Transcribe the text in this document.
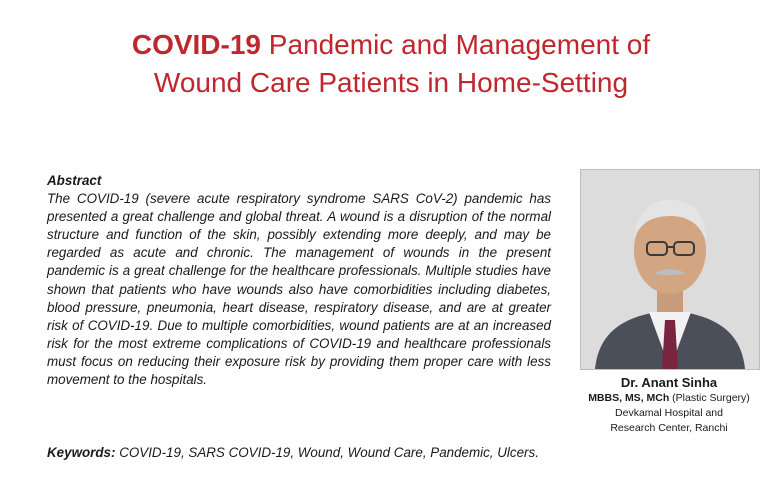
COVID-19 Pandemic and Management of
Wound Care Patients in Home-Setting
Abstract
The COVID-19 (severe acute respiratory syndrome SARS CoV-2) pandemic has presented a great challenge and global threat. A wound is a disruption of the normal structure and function of the skin, possibly extending more deeply, and may be regarded as acute and chronic. The management of wounds in the present pandemic is a great challenge for the healthcare professionals. Multiple studies have shown that patients who have wounds also have comorbidities including diabetes, blood pressure, pneumonia, heart disease, respiratory disease, and are at greater risk of COVID-19. Due to multiple comorbidities, wound patients are at an increased risk for the most extreme complications of COVID-19 and healthcare professionals must focus on reducing their exposure risk by providing them proper care with less movement to the hospitals.
Keywords: COVID-19, SARS COVID-19, Wound, Wound Care, Pandemic, Ulcers.
Dr. Anant Sinha
MBBS, MS, MCh (Plastic Surgery)
Devkamal Hospital and
Research Center, Ranchi
